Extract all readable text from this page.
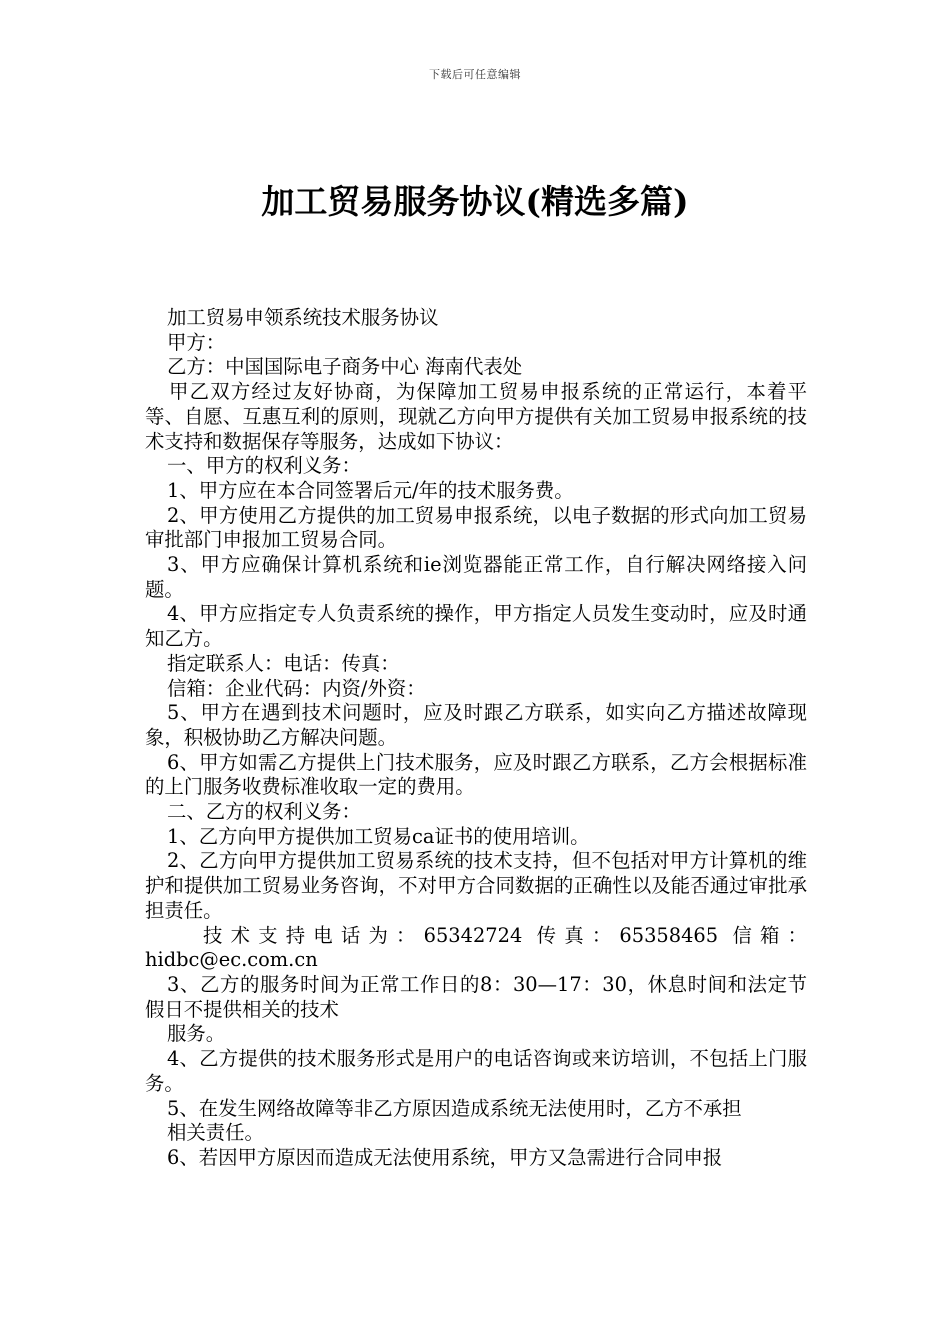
下载后可任意编辑
加工贸易服务协议(精选多篇)

加工贸易申领系统技术服务协议

甲方：

乙方：中国国际电子商务中心 海南代表处

甲乙双方经过友好协商，为保障加工贸易申报系统的正常运行，本着平等、自愿、互惠互利的原则，现就乙方向甲方提供有关加工贸易申报系统的技术支持和数据保存等服务，达成如下协议：

一、甲方的权利义务：

1、甲方应在本合同签署后元/年的技术服务费。

2、甲方使用乙方提供的加工贸易申报系统，以电子数据的形式向加工贸易审批部门申报加工贸易合同。

3、甲方应确保计算机系统和ie浏览器能正常工作，自行解决网络接入问题。

4、甲方应指定专人负责系统的操作，甲方指定人员发生变动时，应及时通知乙方。

指定联系人：电话：传真：

信箱：企业代码：内资/外资：

5、甲方在遇到技术问题时，应及时跟乙方联系，如实向乙方描述故障现象，积极协助乙方解决问题。

6、甲方如需乙方提供上门技术服务，应及时跟乙方联系，乙方会根据标准的上门服务收费标准收取一定的费用。

二、乙方的权利义务：

1、乙方向甲方提供加工贸易ca证书的使用培训。

2、乙方向甲方提供加工贸易系统的技术支持，但不包括对甲方计算机的维护和提供加工贸易业务咨询，不对甲方合同数据的正确性以及能否通过审批承担责任。

技术支持电话为：65342724 传真：65358465 信箱：

hidbc@ec.com.cn

3、乙方的服务时间为正常工作日的8：30—17：30，休息时间和法定节假日不提供相关的技术

服务。

4、乙方提供的技术服务形式是用户的电话咨询或来访培训，不包括上门服务。

5、在发生网络故障等非乙方原因造成系统无法使用时，乙方不承担

相关责任。

6、若因甲方原因而造成无法使用系统，甲方又急需进行合同申报
